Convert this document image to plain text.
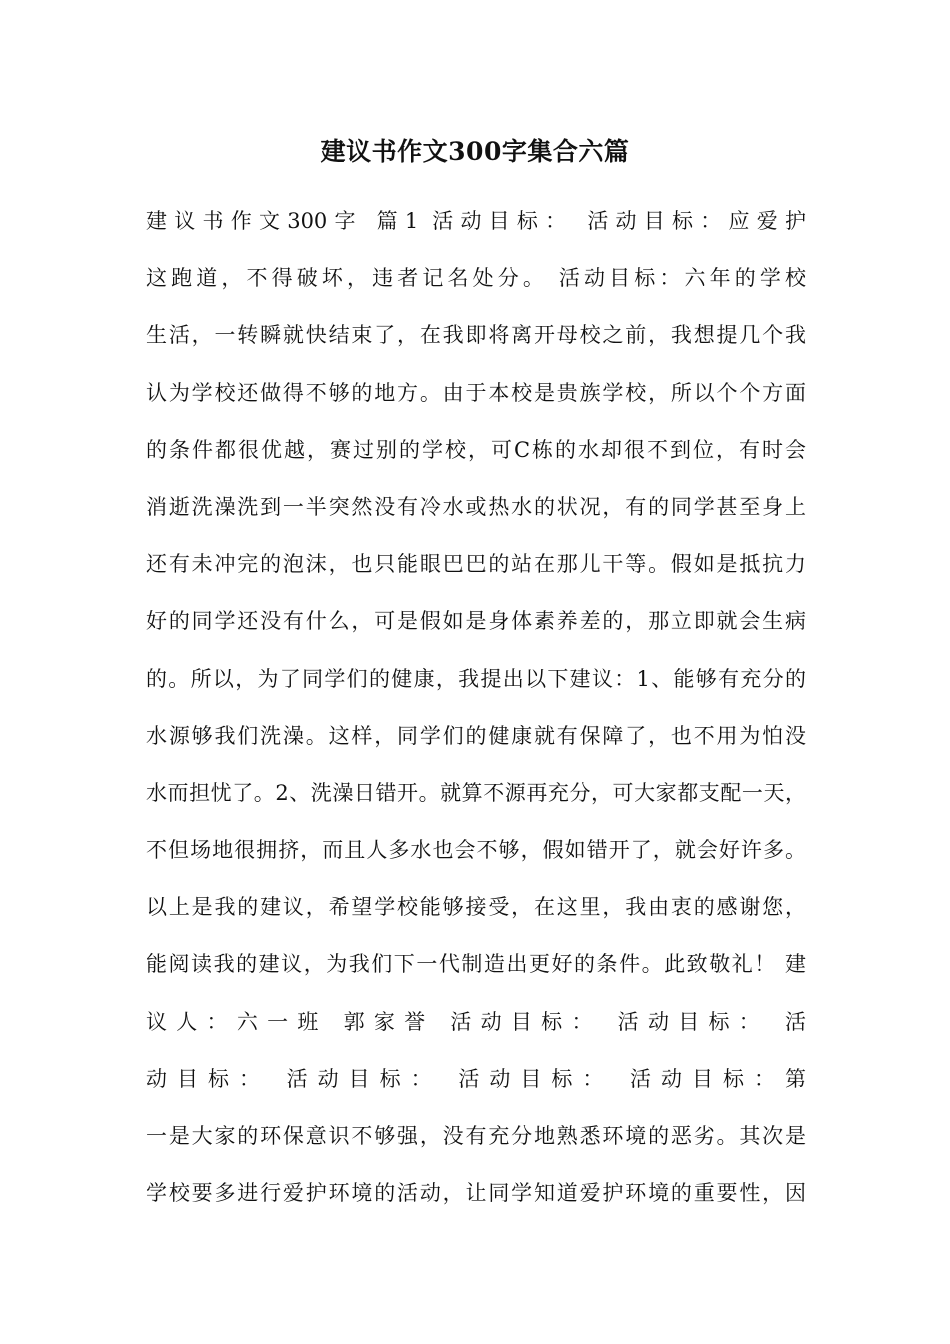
建议书作文300字集合六篇
建议书作文300字 篇1 活动目标： 活动目标：应爱护
这跑道，不得破坏，违者记名处分。 活动目标：六年的学校
生活，一转瞬就快结束了，在我即将离开母校之前，我想提几个我
认为学校还做得不够的地方。由于本校是贵族学校，所以个个方面
的条件都很优越，赛过别的学校，可C栋的水却很不到位，有时会
消逝洗澡洗到一半突然没有冷水或热水的状况，有的同学甚至身上
还有未冲完的泡沫，也只能眼巴巴的站在那儿干等。假如是抵抗力
好的同学还没有什么，可是假如是身体素养差的，那立即就会生病
的。所以，为了同学们的健康，我提出以下建议：1、能够有充分的
水源够我们洗澡。这样，同学们的健康就有保障了，也不用为怕没
水而担忧了。2、洗澡日错开。就算不源再充分，可大家都支配一天，
不但场地很拥挤，而且人多水也会不够，假如错开了，就会好许多。
以上是我的建议，希望学校能够接受，在这里，我由衷的感谢您，
能阅读我的建议，为我们下一代制造出更好的条件。此致敬礼！ 建
议人：六一班 郭家誉 活动目标： 活动目标： 活
动目标： 活动目标： 活动目标： 活动目标：第
一是大家的环保意识不够强，没有充分地熟悉环境的恶劣。其次是
学校要多进行爱护环境的活动，让同学知道爱护环境的重要性，因
